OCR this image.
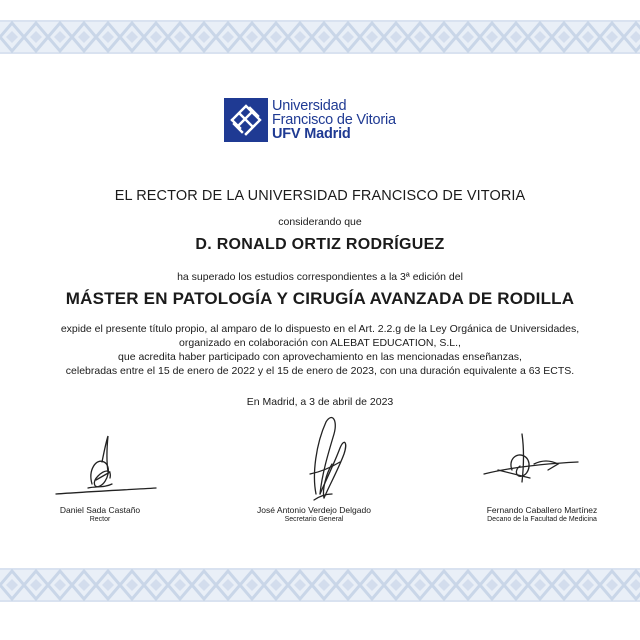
Universidad
Francisco de Vitoria
UFV Madrid
EL RECTOR DE LA UNIVERSIDAD FRANCISCO DE VITORIA
considerando que
D. RONALD ORTIZ RODRÍGUEZ
ha superado los estudios correspondientes a la 3ª edición del
MÁSTER EN PATOLOGÍA Y CIRUGÍA AVANZADA DE RODILLA
expide el presente título propio, al amparo de lo dispuesto en el Art. 2.2.g de la Ley Orgánica de Universidades,
organizado en colaboración con ALEBAT EDUCATION, S.L.,
que acredita haber participado con aprovechamiento en las mencionadas enseñanzas,
celebradas entre el 15 de enero de 2022 y el 15 de enero de 2023, con una duración equivalente a 63 ECTS.
En Madrid, a 3 de abril de 2023
Daniel Sada Castaño
Rector
José Antonio Verdejo Delgado
Secretario General
Fernando Caballero Martínez
Decano de la Facultad de Medicina
